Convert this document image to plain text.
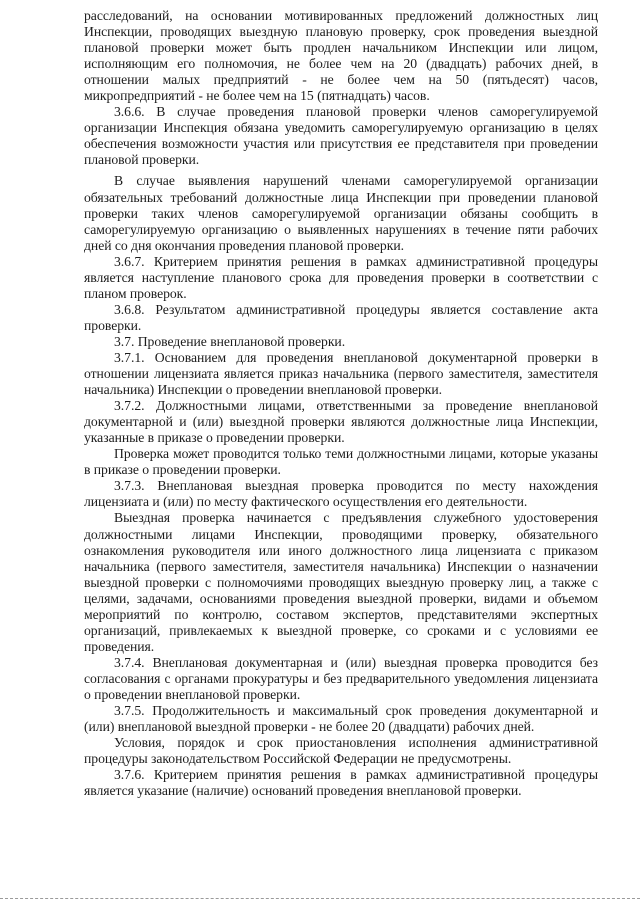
расследований, на основании мотивированных предложений должностных лиц Инспекции, проводящих выездную плановую проверку, срок проведения выездной плановой проверки может быть продлен начальником Инспекции или лицом, исполняющим его полномочия, не более чем на 20 (двадцать) рабочих дней, в отношении малых предприятий - не более чем на 50 (пятьдесят) часов, микропредприятий - не более чем на 15 (пятнадцать) часов.

3.6.6. В случае проведения плановой проверки членов саморегулируемой организации Инспекция обязана уведомить саморегулируемую организацию в целях обеспечения возможности участия или присутствия ее представителя при проведении плановой проверки.

В случае выявления нарушений членами саморегулируемой организации обязательных требований должностные лица Инспекции при проведении плановой проверки таких членов саморегулируемой организации обязаны сообщить в саморегулируемую организацию о выявленных нарушениях в течение пяти рабочих дней со дня окончания проведения плановой проверки.

3.6.7. Критерием принятия решения в рамках административной процедуры является наступление планового срока для проведения проверки в соответствии с планом проверок.

3.6.8. Результатом административной процедуры является составление акта проверки.

3.7. Проведение внеплановой проверки.

3.7.1. Основанием для проведения внеплановой документарной проверки в отношении лицензиата является приказ начальника (первого заместителя, заместителя начальника) Инспекции о проведении внеплановой проверки.

3.7.2. Должностными лицами, ответственными за проведение внеплановой документарной и (или) выездной проверки являются должностные лица Инспекции, указанные в приказе о проведении проверки.

Проверка может проводится только теми должностными лицами, которые указаны в приказе о проведении проверки.

3.7.3. Внеплановая выездная проверка проводится по месту нахождения лицензиата и (или) по месту фактического осуществления его деятельности.

Выездная проверка начинается с предъявления служебного удостоверения должностными лицами Инспекции, проводящими проверку, обязательного ознакомления руководителя или иного должностного лица лицензиата с приказом начальника (первого заместителя, заместителя начальника) Инспекции о назначении выездной проверки с полномочиями проводящих выездную проверку лиц, а также с целями, задачами, основаниями проведения выездной проверки, видами и объемом мероприятий по контролю, составом экспертов, представителями экспертных организаций, привлекаемых к выездной проверке, со сроками и с условиями ее проведения.

3.7.4. Внеплановая документарная и (или) выездная проверка проводится без согласования с органами прокуратуры и без предварительного уведомления лицензиата о проведении внеплановой проверки.

3.7.5. Продолжительность и максимальный срок проведения документарной и (или) внеплановой выездной проверки - не более 20 (двадцати) рабочих дней.

Условия, порядок и срок приостановления исполнения административной процедуры законодательством Российской Федерации не предусмотрены.

3.7.6. Критерием принятия решения в рамках административной процедуры является указание (наличие) оснований проведения внеплановой проверки.
